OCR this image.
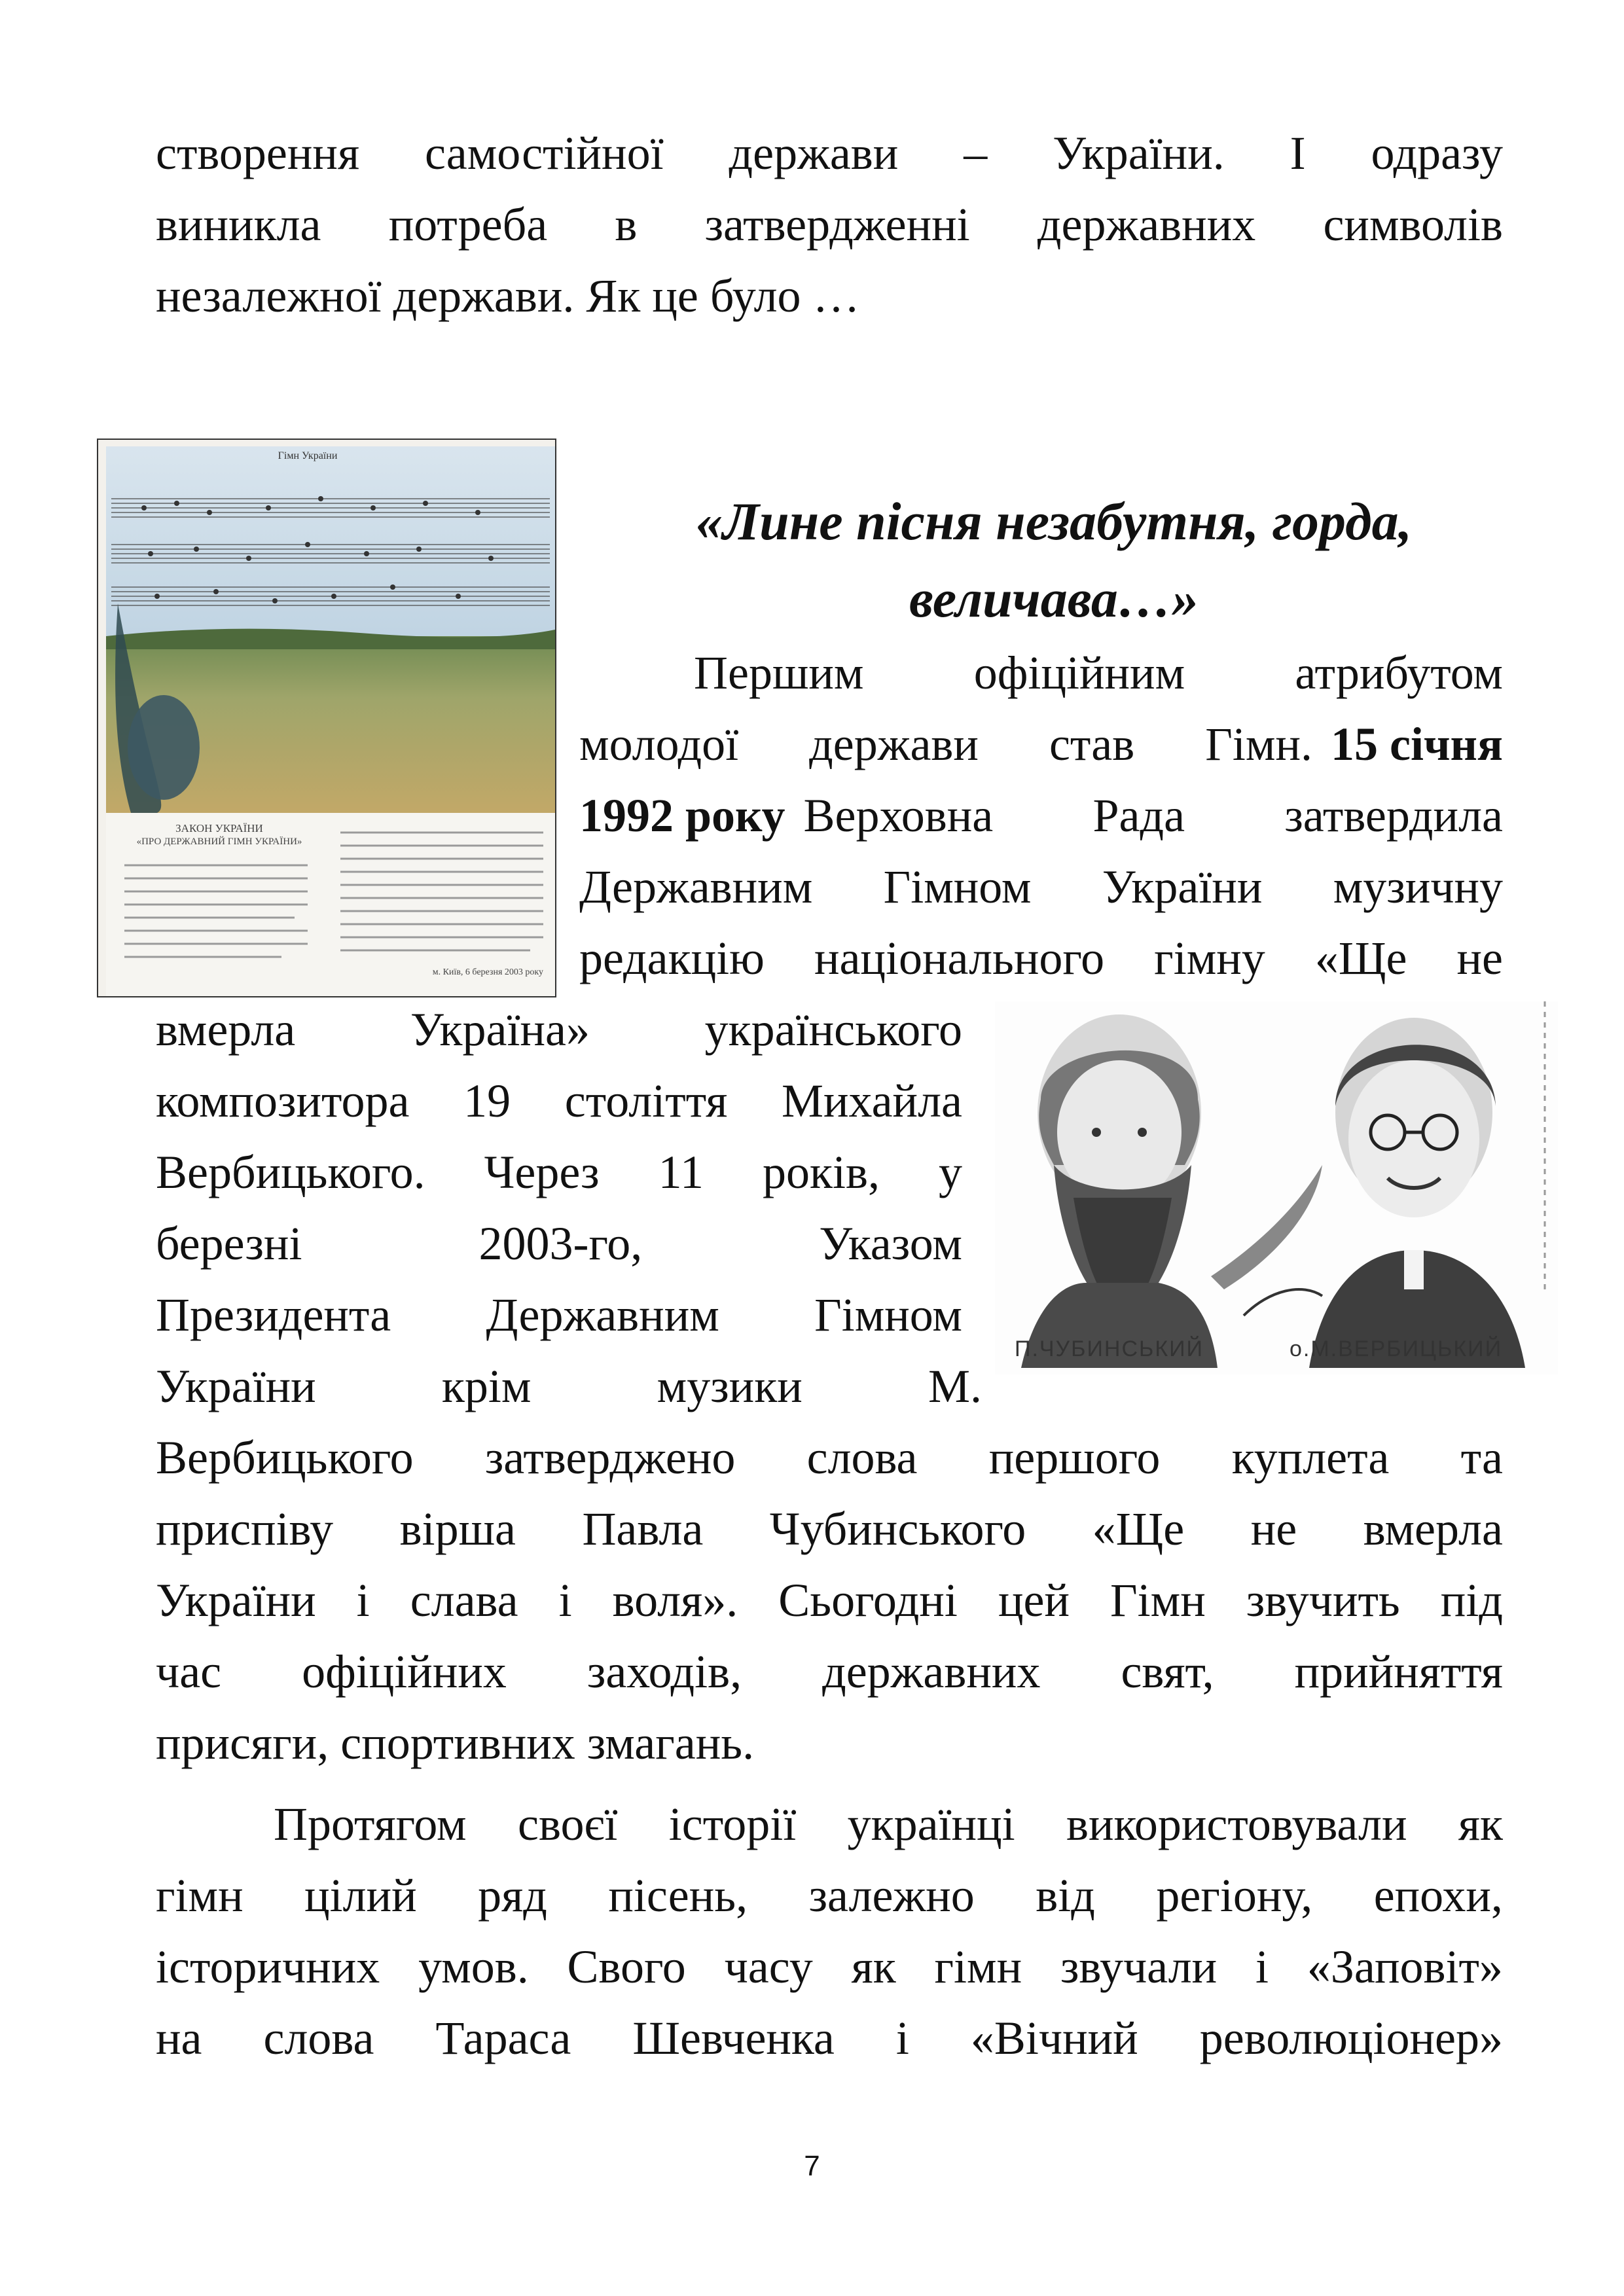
створення самостійної держави – України. І одразу
виникла потреба в затвердженні державних символів
незалежної держави. Як це було …
Гімн України
ЗАКОН УКРАЇНИ
«ПРО ДЕРЖАВНИЙ ГІМН УКРАЇНИ»
м. Київ, 6 березня 2003 року
«Лине пісня незабутня, горда,
величава…»
Першим офіційним атрибутом
молодої держави став Гімн. 15 січня
1992 року Верховна Рада затвердила
Державним Гімном України музичну
редакцію національного гімну «Ще не
вмерла Україна» українського
композитора 19 століття Михайла
Вербицького. Через 11 років, у
березні	2003-го,	Указом
Президента Державним Гімном
України	крім	музики	М.
П.ЧУБИНСЬКИЙ	о.М.ВЕРБИЦЬКИЙ
Вербицького затверджено слова першого куплета та
приспіву вірша Павла Чубинського «Ще не вмерла
України і слава і воля». Сьогодні цей Гімн звучить під
час офіційних заходів, державних свят, прийняття
присяги, спортивних змагань.
Протягом своєї історії українці використовували як
гімн цілий ряд пісень, залежно від регіону, епохи,
історичних умов. Свого часу як гімн звучали і «Заповіт»
на слова Тараса Шевченка і «Вічний революціонер»
7
